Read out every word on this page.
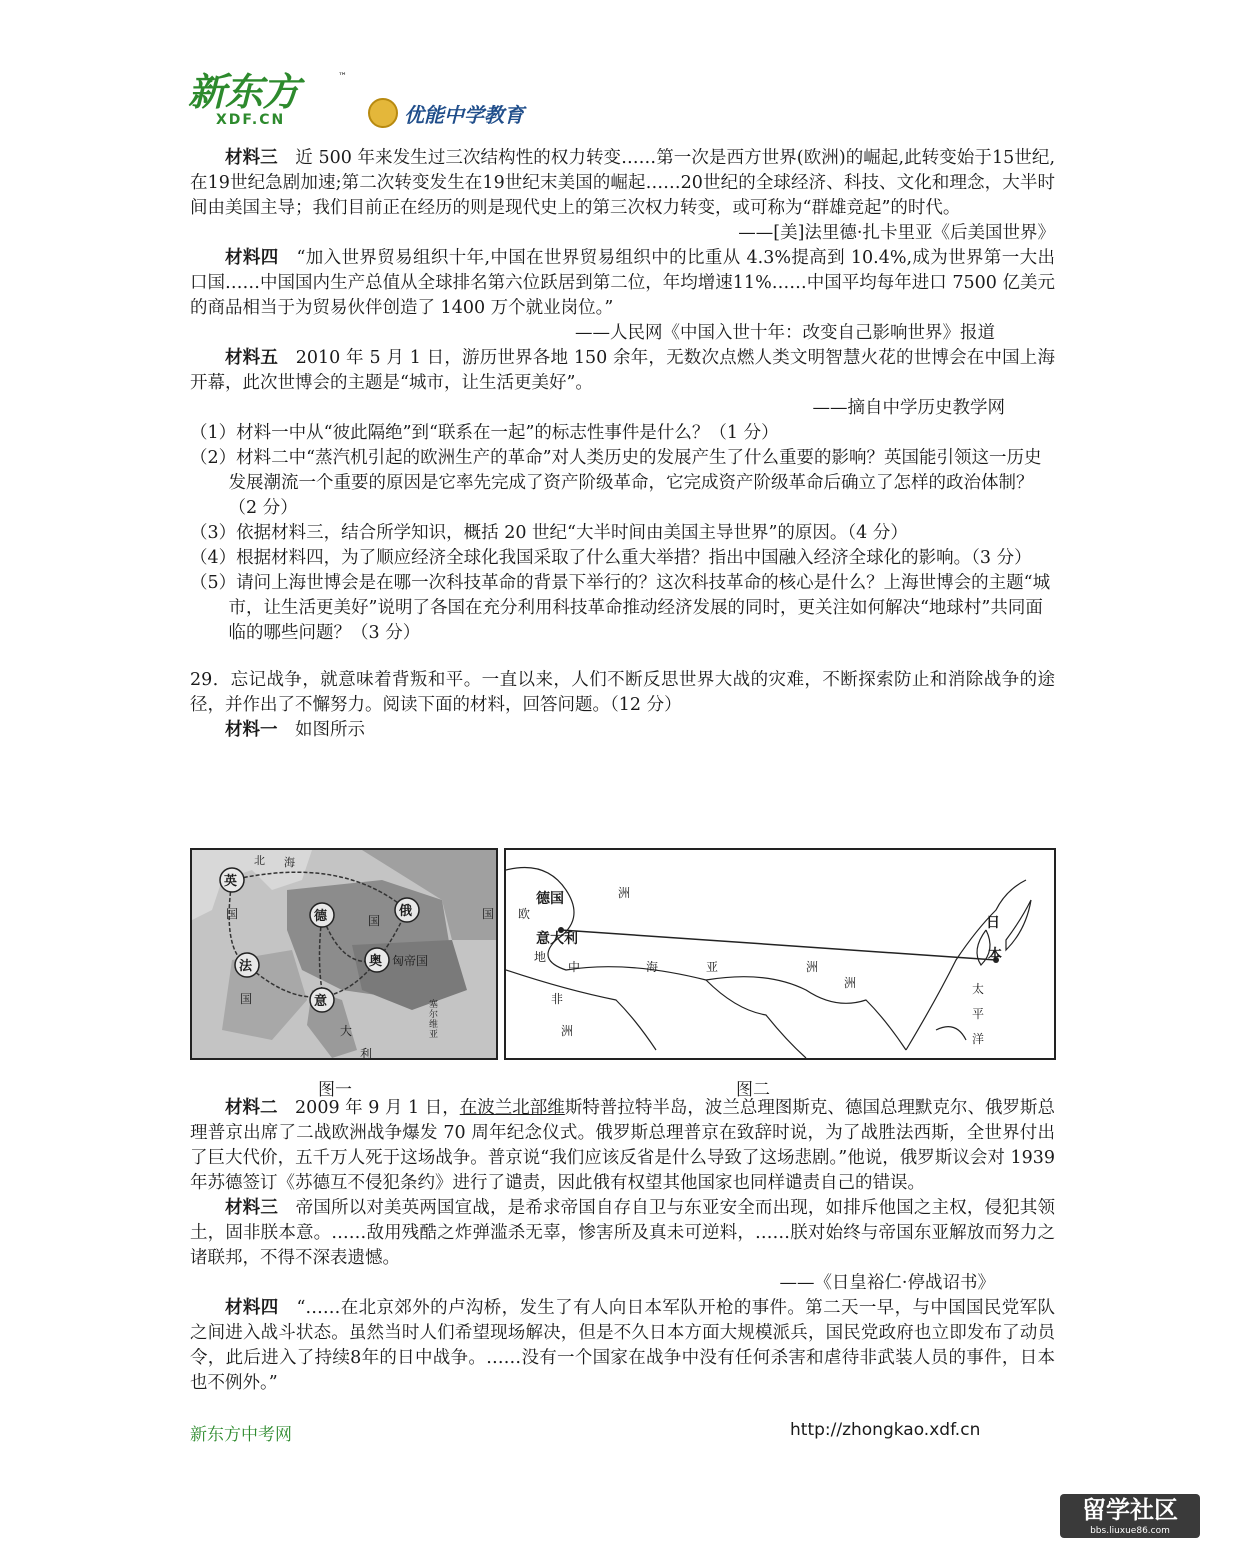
新东方
XDF.CN
™
优能中学教育

材料三　 近 500 年来发生过三次结构性的权力转变……第一次是西方世界(欧洲)的崛起,此转变始于15世纪,在19世纪急剧加速;第二次转变发生在19世纪末美国的崛起……20世纪的全球经济、科技、文化和理念，大半时间由美国主导；我们目前正在经历的则是现代史上的第三次权力转变，或可称为“群雄竞起”的时代。

——[美]法里德·扎卡里亚《后美国世界》

材料四　 “加入世界贸易组织十年,中国在世界贸易组织中的比重从 4.3%提高到 10.4%,成为世界第一大出口国……中国国内生产总值从全球排名第六位跃居到第二位，年均增速11%……中国平均每年进口 7500 亿美元的商品相当于为贸易伙伴创造了 1400 万个就业岗位。”

——人民网《中国入世十年：改变自己影响世界》报道

材料五　 2010 年 5 月 1 日，游历世界各地 150 余年，无数次点燃人类文明智慧火花的世博会在中国上海开幕，此次世博会的主题是“城市，让生活更美好”。

——摘自中学历史教学网

（1）材料一中从“彼此隔绝”到“联系在一起”的标志性事件是什么？（1 分）

（2）材料二中“蒸汽机引起的欧洲生产的革命”对人类历史的发展产生了什么重要的影响？英国能引领这一历史发展潮流一个重要的原因是它率先完成了资产阶级革命，它完成资产阶级革命后确立了怎样的政治体制？（2 分）

（3）依据材料三，结合所学知识，概括 20 世纪“大半时间由美国主导世界”的原因。（4 分）

（4）根据材料四，为了顺应经济全球化我国采取了什么重大举措？指出中国融入经济全球化的影响。（3 分）

（5）请问上海世博会是在哪一次科技革命的背景下举行的？这次科技革命的核心是什么？上海世博会的主题“城市，让生活更美好”说明了各国在充分利用科技革命推动经济发展的同时，更关注如何解决“地球村”共同面临的哪些问题？（3 分）

29．忘记战争，就意味着背叛和平。一直以来，人们不断反思世界大战的灾难，不断探索防止和消除战争的途径，并作出了不懈努力。阅读下面的材料，回答问题。（12 分）

材料一　 如图所示

英
法
德	俄
奥
意
北 海
国	国	国
国
匈帝国
塞尔维亚
大
利
德国
意大利
欧
洲
地
中	海	亚	洲
非
洲
日
本
太
平
洋
洲
图一	图二

材料二　 2009 年 9 月 1 日，在波兰北部维斯特普拉特半岛，波兰总理图斯克、德国总理默克尔、俄罗斯总理普京出席了二战欧洲战争爆发 70 周年纪念仪式。俄罗斯总理普京在致辞时说，为了战胜法西斯，全世界付出了巨大代价，五千万人死于这场战争。普京说“我们应该反省是什么导致了这场悲剧。”他说，俄罗斯议会对 1939 年苏德签订《苏德互不侵犯条约》进行了谴责，因此俄有权望其他国家也同样谴责自己的错误。

材料三　 帝国所以对美英两国宣战，是希求帝国自存自卫与东亚安全而出现，如排斥他国之主权，侵犯其领土，固非朕本意。……敌用残酷之炸弹滥杀无辜，惨害所及真未可逆料，……朕对始终与帝国东亚解放而努力之诸联邦，不得不深表遗憾。

——《日皇裕仁·停战诏书》

材料四　 “……在北京郊外的卢沟桥，发生了有人向日本军队开枪的事件。第二天一早，与中国国民党军队之间进入战斗状态。虽然当时人们希望现场解决，但是不久日本方面大规模派兵，国民党政府也立即发布了动员令，此后进入了持续8年的日中战争。……没有一个国家在战争中没有任何杀害和虐待非武装人员的事件，日本也不例外。”

新东方中考网	http://zhongkao.xdf.cn
留学社区
bbs.liuxue86.com
